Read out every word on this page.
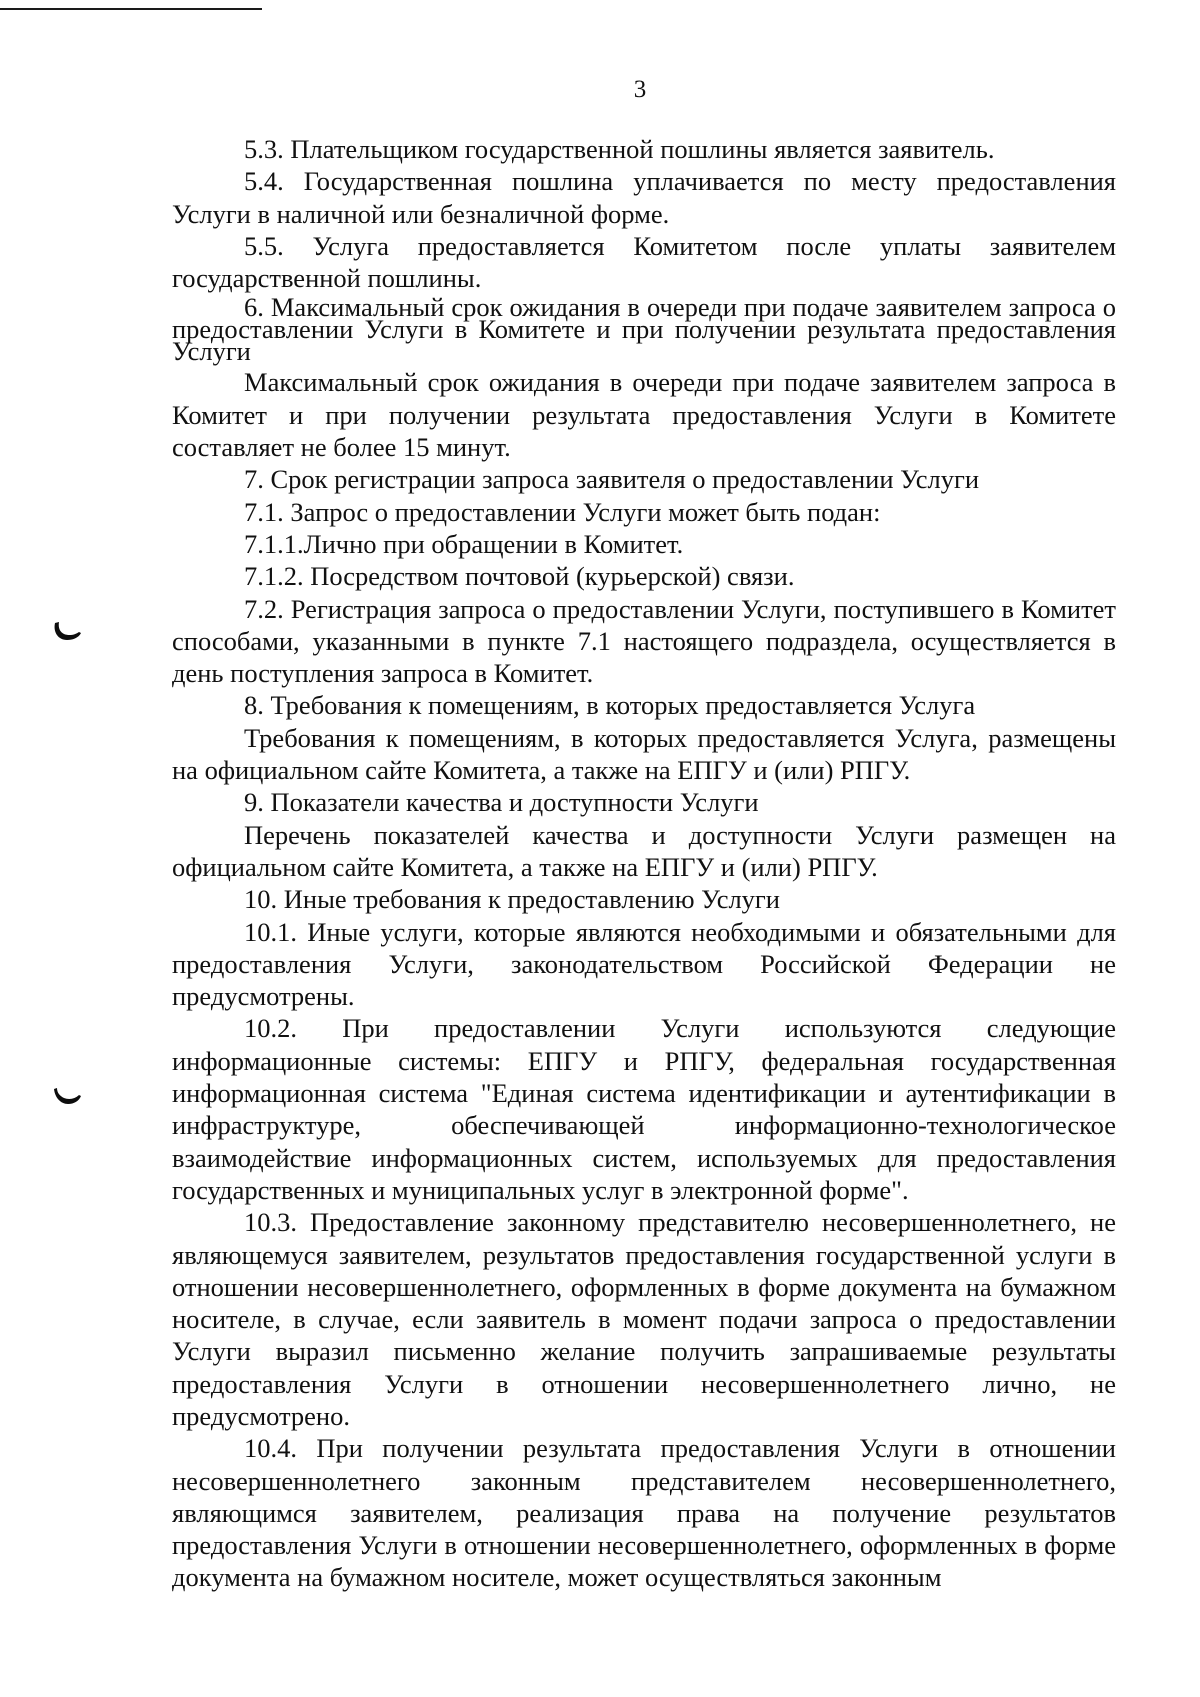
3

5.3. Плательщиком государственной пошлины является заявитель.

5.4. Государственная пошлина уплачивается по месту предоставления Услуги в наличной или безналичной форме.

5.5. Услуга предоставляется Комитетом после уплаты заявителем государственной пошлины.

6. Максимальный срок ожидания в очереди при подаче заявителем запроса о предоставлении Услуги в Комитете и при получении результата предоставления Услуги

Максимальный срок ожидания в очереди при подаче заявителем запроса в Комитет и при получении результата предоставления Услуги в Комитете составляет не более 15 минут.

7. Срок регистрации запроса заявителя о предоставлении Услуги

7.1. Запрос о предоставлении Услуги может быть подан:

7.1.1.Лично при обращении в Комитет.

7.1.2. Посредством почтовой (курьерской) связи.

7.2. Регистрация запроса о предоставлении Услуги, поступившего в Комитет способами, указанными в пункте 7.1 настоящего подраздела, осуществляется в день поступления запроса в Комитет.

8. Требования к помещениям, в которых предоставляется Услуга

Требования к помещениям, в которых предоставляется Услуга, размещены на официальном сайте Комитета, а также на ЕПГУ и (или) РПГУ.

9. Показатели качества и доступности Услуги

Перечень показателей качества и доступности Услуги размещен на официальном сайте Комитета, а также на ЕПГУ и (или) РПГУ.

10. Иные требования к предоставлению Услуги

10.1. Иные услуги, которые являются необходимыми и обязательными для предоставления Услуги, законодательством Российской Федерации не предусмотрены.

10.2. При предоставлении Услуги используются следующие информационные системы: ЕПГУ и РПГУ, федеральная государственная информационная система "Единая система идентификации и аутентификации в инфраструктуре, обеспечивающей информационно-технологическое взаимодействие информационных систем, используемых для предоставления государственных и муниципальных услуг в электронной форме".

10.3. Предоставление законному представителю несовершеннолетнего, не являющемуся заявителем, результатов предоставления государственной услуги в отношении несовершеннолетнего, оформленных в форме документа на бумажном носителе, в случае, если заявитель в момент подачи запроса о предоставлении Услуги выразил письменно желание получить запрашиваемые результаты предоставления Услуги в отношении несовершеннолетнего лично, не предусмотрено.

10.4. При получении результата предоставления Услуги в отношении несовершеннолетнего законным представителем несовершеннолетнего, являющимся заявителем, реализация права на получение результатов предоставления Услуги в отношении несовершеннолетнего, оформленных в форме документа на бумажном носителе, может осуществляться законным
